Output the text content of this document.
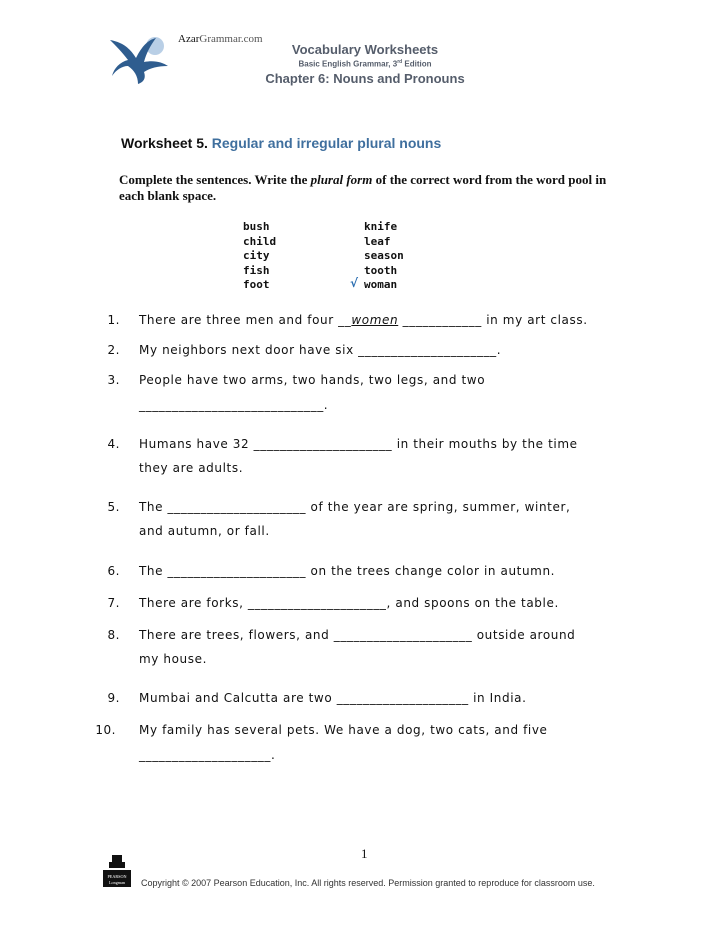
AzarGrammar.com
Vocabulary Worksheets
Basic English Grammar, 3rd Edition
Chapter 6: Nouns and Pronouns
Worksheet 5. Regular and irregular plural nouns
Complete the sentences. Write the plural form of the correct word from the word pool in each blank space.
bush
child
city
fish
foot
knife
leaf
season
tooth
woman
√
1. There are three men and four __women ____________ in my art class.
2. My neighbors next door have six _____________________.
3. People have two arms, two hands, two legs, and two
____________________________.
4. Humans have 32 _____________________ in their mouths by the time
they are adults.
5. The _____________________ of the year are spring, summer, winter,
and autumn, or fall.
6. The _____________________ on the trees change color in autumn.
7. There are forks, _____________________, and spoons on the table.
8. There are trees, flowers, and _____________________ outside around
my house.
9. Mumbai and Calcutta are two ____________________ in India.
10. My family has several pets. We have a dog, two cats, and five
____________________.
1
PEARSON
Longman Copyright © 2007 Pearson Education, Inc. All rights reserved. Permission granted to reproduce for classroom use.
